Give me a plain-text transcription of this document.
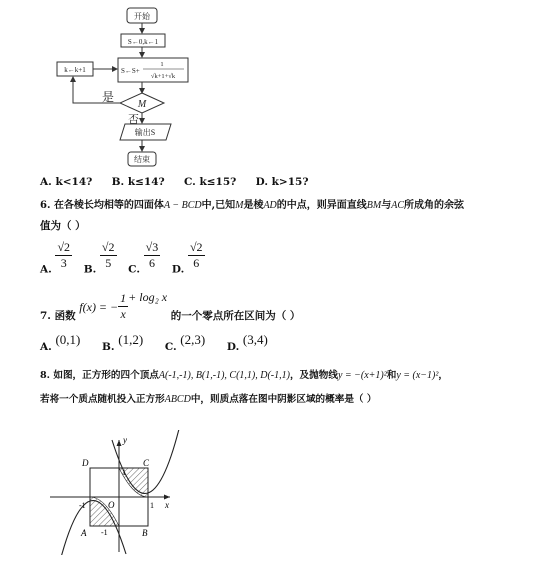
开始
S←0,k←1
S←S+
1
√k+1+√k
k←k+1
M
是
否
输出S
结束
A. k<14? B. k≤14? C. k≤15? D. k>15?
6. 在各棱长均相等的四面体A − BCD中,已知M是棱AD的中点，则异面直线BM与AC所成角的余弦
值为（ ）
A. $\frac{√2}{3} B$. $\frac{√2}{5} C$. $\frac{√3}{6} D$. $\frac{√2}{6}$
7. 函数 f(x) = − $\frac{1}{x} + \log_2$ x 的一个零点所在区间为（ ）
A. (0,1) B. (1,2) C. (2,3) D. (3,4)
8. 如图，正方形的四个顶点A(-1,-1), B(1,-1), C(1,1), D(-1,1)，及抛物线y = −(x+1)²和y = (x−1)²，
若将一个质点随机投入正方形ABCD中，则质点落在图中阴影区域的概率是（ ）
D	C
A	B
O
y
x
-1	1
-1
1
